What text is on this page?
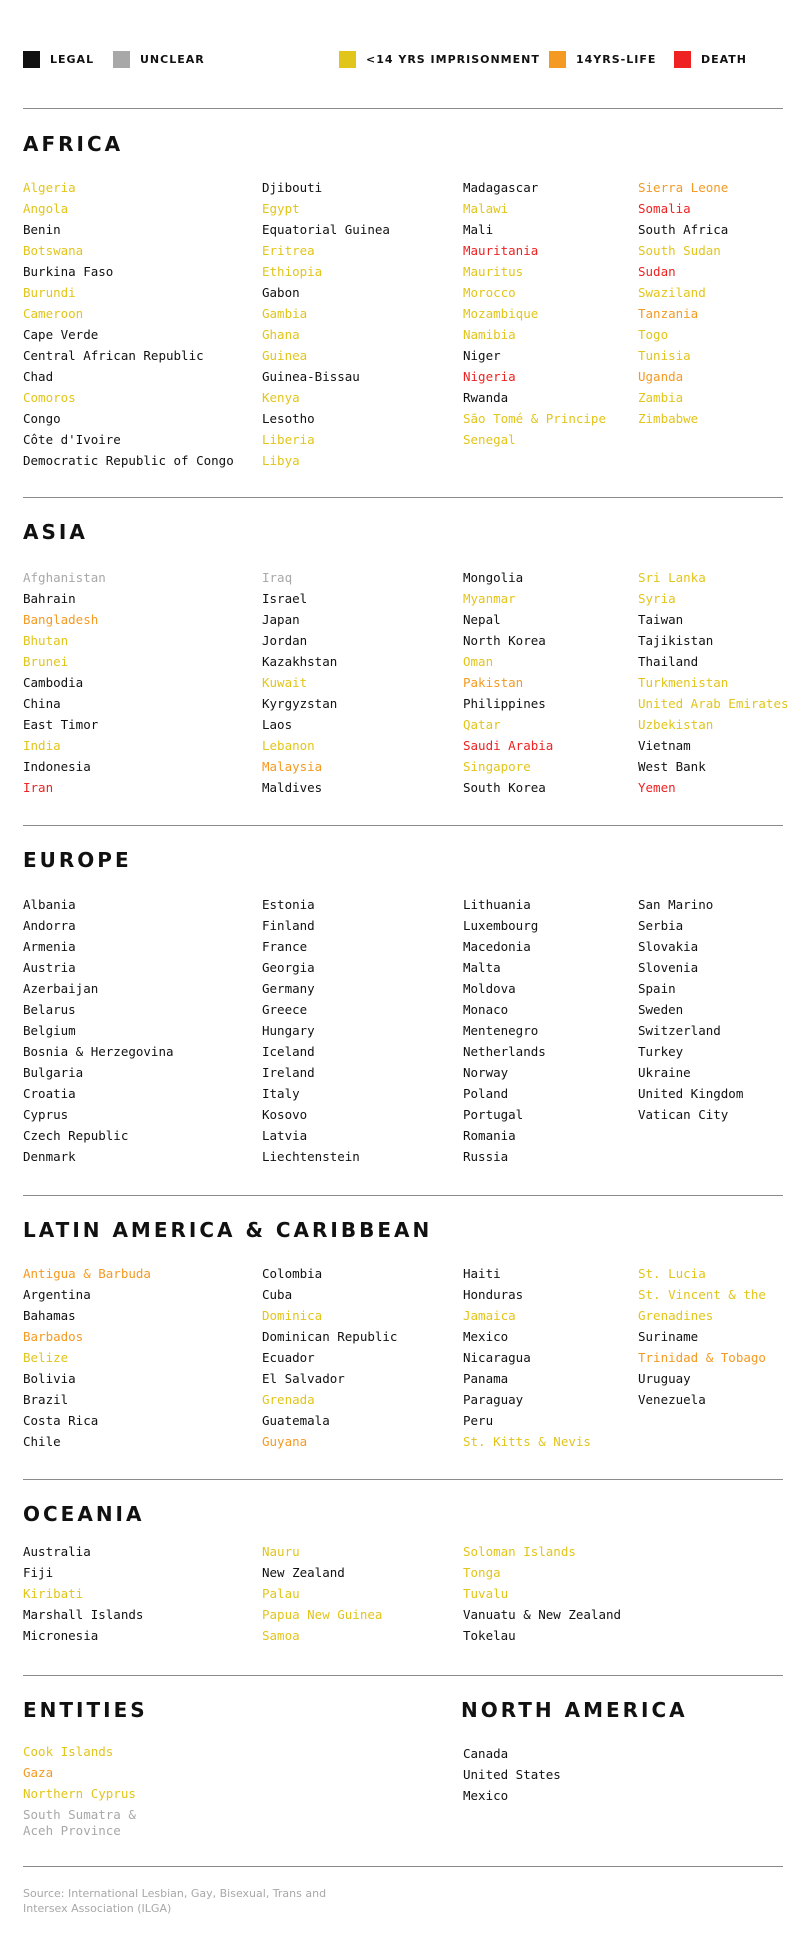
LEGAL	UNCLEAR	<14 YRS IMPRISONMENT	14YRS-LIFE	DEATH
AFRICA
Algeria
Angola
Benin
Botswana
Burkina Faso
Burundi
Cameroon
Cape Verde
Central African Republic
Chad
Comoros
Congo
Côte d'Ivoire
Democratic Republic of Congo
Djibouti
Egypt
Equatorial Guinea
Eritrea
Ethiopia
Gabon
Gambia
Ghana
Guinea
Guinea-Bissau
Kenya
Lesotho
Liberia
Libya
Madagascar
Malawi
Mali
Mauritania
Mauritus
Morocco
Mozambique
Namibia
Niger
Nigeria
Rwanda
São Tomé & Principe
Senegal
Sierra Leone
Somalia
South Africa
South Sudan
Sudan
Swaziland
Tanzania
Togo
Tunisia
Uganda
Zambia
Zimbabwe
ASIA
Afghanistan
Bahrain
Bangladesh
Bhutan
Brunei
Cambodia
China
East Timor
India
Indonesia
Iran
Iraq
Israel
Japan
Jordan
Kazakhstan
Kuwait
Kyrgyzstan
Laos
Lebanon
Malaysia
Maldives
Mongolia
Myanmar
Nepal
North Korea
Oman
Pakistan
Philippines
Qatar
Saudi Arabia
Singapore
South Korea
Sri Lanka
Syria
Taiwan
Tajikistan
Thailand
Turkmenistan
United Arab Emirates
Uzbekistan
Vietnam
West Bank
Yemen
EUROPE
Albania
Andorra
Armenia
Austria
Azerbaijan
Belarus
Belgium
Bosnia & Herzegovina
Bulgaria
Croatia
Cyprus
Czech Republic
Denmark
Estonia
Finland
France
Georgia
Germany
Greece
Hungary
Iceland
Ireland
Italy
Kosovo
Latvia
Liechtenstein
Lithuania
Luxembourg
Macedonia
Malta
Moldova
Monaco
Mentenegro
Netherlands
Norway
Poland
Portugal
Romania
Russia
San Marino
Serbia
Slovakia
Slovenia
Spain
Sweden
Switzerland
Turkey
Ukraine
United Kingdom
Vatican City
LATIN AMERICA & CARIBBEAN
Antigua & Barbuda
Argentina
Bahamas
Barbados
Belize
Bolivia
Brazil
Costa Rica
Chile
Colombia
Cuba
Dominica
Dominican Republic
Ecuador
El Salvador
Grenada
Guatemala
Guyana
Haiti
Honduras
Jamaica
Mexico
Nicaragua
Panama
Paraguay
Peru
St. Kitts & Nevis
St. Lucia
St. Vincent & the
Grenadines
Suriname
Trinidad & Tobago
Uruguay
Venezuela
OCEANIA
Australia
Fiji
Kiribati
Marshall Islands
Micronesia
Nauru
New Zealand
Palau
Papua New Guinea
Samoa
Soloman Islands
Tonga
Tuvalu
Vanuatu & New Zealand
Tokelau
ENTITIES
Cook Islands
Gaza
Northern Cyprus
South Sumatra & Aceh Province
NORTH AMERICA
Canada
United States
Mexico
Source: International Lesbian, Gay, Bisexual, Trans and Intersex Association (ILGA)
